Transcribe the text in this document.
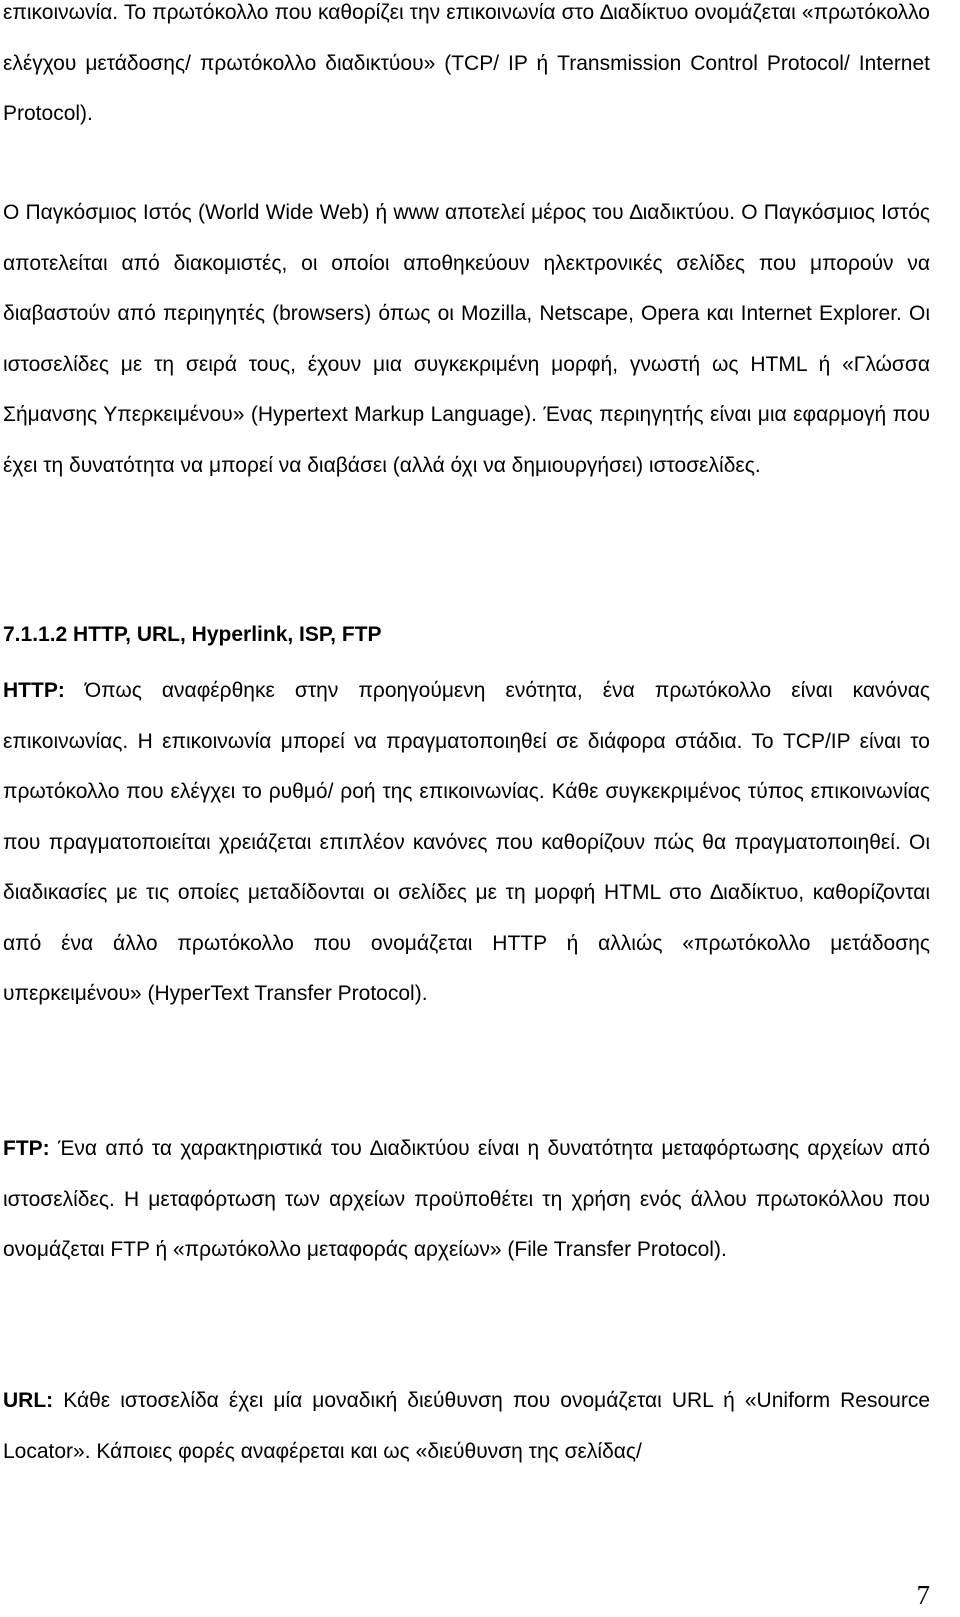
επικοινωνία. Το πρωτόκολλο που καθορίζει την επικοινωνία στο ∆ιαδίκτυο ονομάζεται «πρωτόκολλο ελέγχου μετάδοσης/ πρωτόκολλο διαδικτύου» (TCP/ IP ή Transmission Control Protocol/ Internet Protocol).

Ο Παγκόσμιος Ιστός (World Wide Web) ή www αποτελεί μέρος του ∆ιαδικτύου. Ο Παγκόσμιος Ιστός αποτελείται από διακομιστές, οι οποίοι αποθηκεύουν ηλεκτρονικές σελίδες που μπορούν να διαβαστούν από περιηγητές (browsers) όπως οι Mozilla, Netscape, Opera και Internet Explorer. Οι ιστοσελίδες με τη σειρά τους, έχουν μια συγκεκριμένη μορφή, γνωστή ως HTML ή «Γλώσσα Σήμανσης Υπερκειμένου» (Hypertext Markup Language). Ένας περιηγητής είναι μια εφαρμογή που έχει τη δυνατότητα να μπορεί να διαβάσει (αλλά όχι να δημιουργήσει) ιστοσελίδες.

7.1.1.2 HTTP, URL, Hyperlink, ISP, FTP

HTTP: Όπως αναφέρθηκε στην προηγούμενη ενότητα, ένα πρωτόκολλο είναι κανόνας επικοινωνίας. Η επικοινωνία μπορεί να πραγματοποιηθεί σε διάφορα στάδια. Το TCP/IP είναι το πρωτόκολλο που ελέγχει το ρυθμό/ ροή της επικοινωνίας. Κάθε συγκεκριμένος τύπος επικοινωνίας που πραγματοποιείται χρειάζεται επιπλέον κανόνες που καθορίζουν πώς θα πραγματοποιηθεί. Οι διαδικασίες με τις οποίες μεταδίδονται οι σελίδες με τη μορφή HTML στο ∆ιαδίκτυο, καθορίζονται από ένα άλλο πρωτόκολλο που ονομάζεται HTTP ή αλλιώς «πρωτόκολλο μετάδοσης υπερκειμένου» (HyperText Transfer Protocol).

FTP: Ένα από τα χαρακτηριστικά του ∆ιαδικτύου είναι η δυνατότητα μεταφόρτωσης αρχείων από ιστοσελίδες. Η μεταφόρτωση των αρχείων προϋποθέτει τη χρήση ενός άλλου πρωτοκόλλου που ονομάζεται FTP ή «πρωτόκολλο μεταφοράς αρχείων» (File Transfer Protocol).

URL: Κάθε ιστοσελίδα έχει μία μοναδική διεύθυνση που ονομάζεται URL ή «Uniform Resource Locator». Κάποιες φορές αναφέρεται και ως «διεύθυνση της σελίδας/

7
